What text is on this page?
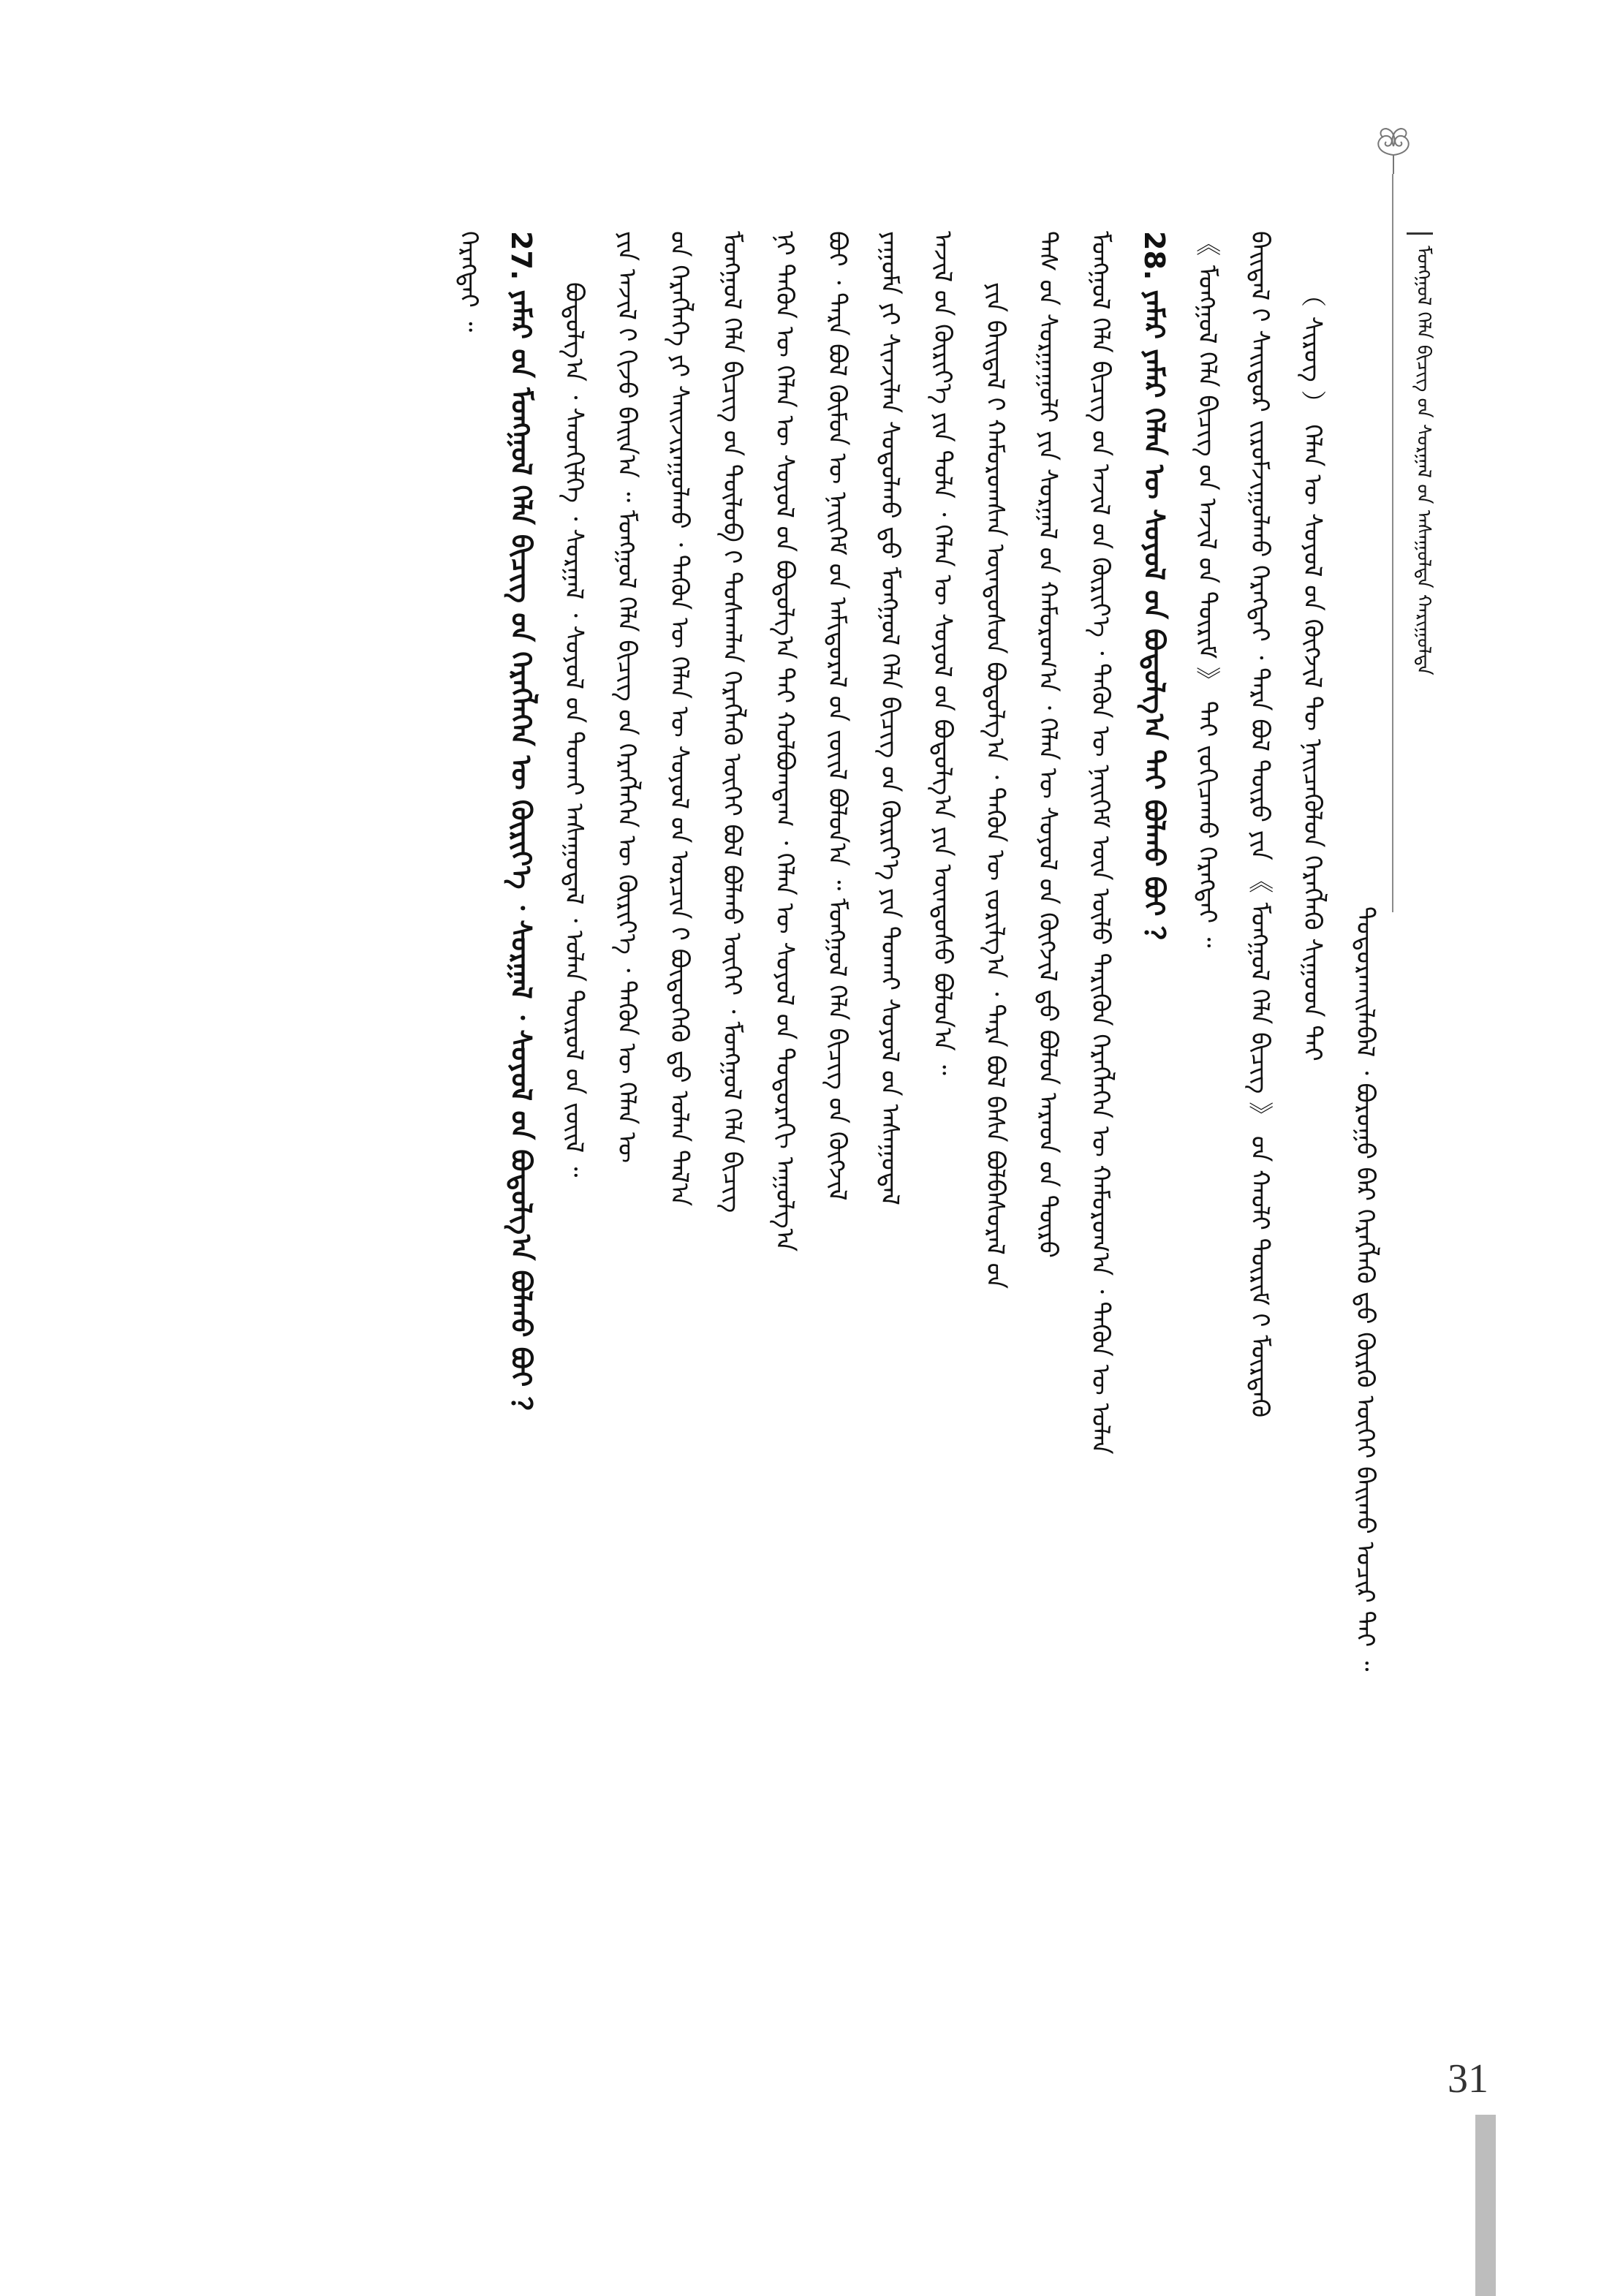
ᠮᠣᠩᠭᠣᠯ ᠬᠡᠯᠡ ᠪᠢᠴᠢᠭ᠌ ᠤ᠋ᠨ ᠰᠤᠷᠭᠠᠯ ᠤ᠋ᠨ ᠠᠰᠠᠭᠤᠯᠲᠠ ᠬᠠᠷᠢᠭᠤᠯᠲᠠ
ᠲᠣᠳᠣᠷᠬᠠᠢᠯᠠᠪᠠᠯ ᠂ ᠪᠤᠷᠤᠭᠤ ᠪᠠᠷ ᠬᠡᠷᠡᠭᠯᠡᠬᠦ ᠳ᠋ᠤ᠌ ᠬᠦᠷᠬᠦ ᠦᠭᠡᠢ ᠪᠠᠢᠬᠤ ᠤᠴᠢᠷ ᠲᠠᠢ ᠃
（ ᠰᠢᠷᠦᠭ ） ᠬᠡᠯᠡᠨ ᠦ ᠰᠣᠶᠣᠯ ᠤ᠋ᠨ ᠬᠥᠭᠵᠢᠯ ᠲᠦ ᠨᠡᠢᠴᠡᠭᠦᠯᠦᠨ ᠬᠡᠷᠡᠭᠯᠡᠬᠦ ᠰᠢᠭ᠋ᠤᠳ ᠲᠠᠢ
ᠪᠠᠢᠳᠠᠯ ᠢ᠋ ᠰᠠᠢᠲᠤᠷ ᠵᠢᠷᠤᠮᠵᠢᠭᠤᠯᠬᠤ ᠬᠡᠷᠡᠭᠲᠡᠢ ᠂ ᠲᠡᠷᠡ ᠪᠣᠯ ᠲᠦᠷᠦ ᠶᠢᠨ 《 ᠮᠣᠩᠭᠣᠯ ᠬᠡᠯᠡ ᠪᠢᠴᠢᠭ᠌ 》 ᠤ᠋ᠨ ᠬᠠᠤᠯᠢ ᠳᠦᠷᠢᠮ ᠢ᠋ ᠮᠥᠷᠳᠡᠬᠦ
《 ᠮᠣᠩᠭᠣᠯ ᠬᠡᠯᠡ ᠪᠢᠴᠢᠭ᠌ ᠤ᠋ᠨ ᠠᠵᠢᠯ ᠤ᠋ᠨ ᠳᠦᠷᠢᠮ 》 ᠲᠡᠢ ᠵᠣᠬᠢᠴᠠᠬᠤ ᠬᠡᠷᠡᠭᠲᠡᠢ ᠃
28. ᠶᠠᠮᠠᠷ ᠶᠠᠮᠠᠷ ᠬᠡᠯᠡᠨ ᠦ ᠰᠣᠶᠣᠯ ᠤ᠋ᠨ ᠪᠣᠳᠣᠯᠭ᠎ᠠ ᠲᠠᠢ ᠪᠣᠯᠬᠤ ᠪᠤᠢ ？
ᠮᠣᠩᠭᠣᠯ ᠬᠡᠯᠡ ᠪᠢᠴᠢᠭ᠌ ᠤ᠋ᠨ ᠠᠵᠢᠯ ᠤ᠋ᠨ ᠬᠦᠷᠢᠶ᠎ᠡ ᠂ ᠲᠡᠭᠦᠨ ᠦ ᠨᠡᠢᠭᠡᠮ ᠦᠨ ᠦᠯᠦ ᠳᠡᠷᠢᠭᠦᠨ ᠬᠡᠷᠡᠭᠯᠡᠭᠡᠨ ᠦ ᠬᠠᠮᠤᠷᠤᠭ᠎ᠠ ᠂ ᠲᠡᠭᠦᠨ ᠦ ᠣᠯᠠᠨ
ᠳᠡᠰ ᠦ᠋ᠨ ᠰᠤᠷᠭᠠᠭᠤᠯᠢ ᠶᠢᠨ ᠰᠤᠷᠭᠠᠯ ᠤ᠋ᠨ ᠬᠠᠮᠤᠷᠤᠭ᠎ᠠ ᠂ ᠬᠡᠯᠡᠨ ᠦ ᠰᠣᠶᠣᠯ ᠤ᠋ᠨ ᠬᠥᠭᠵᠢᠯ ᠳ᠋ᠤ᠌ ᠪᠣᠯᠤᠨ ᠠᠷᠠᠳ ᠤ᠋ᠨ ᠲᠥᠷᠦ
ᠶᠢᠨ ᠪᠠᠢᠳᠠᠯ ᠢ᠋ ᠬᠠᠮᠤᠷᠤᠭᠰᠠᠨ ᠦᠨᠳᠦᠰᠦᠨ ᠪᠣᠳᠣᠯᠭ᠎ᠠ ᠂ ᠲᠡᠬᠦᠨ ᠦ ᠵᠣᠷᠢᠯᠭ᠎ᠠ ᠂ ᠲᠡᠷᠡ ᠪᠣᠯ ᠪᠠᠰᠠ ᠪᠣᠯᠪᠠᠰᠤᠷᠠᠯ ᠤ᠋ᠨ
ᠠᠵᠢᠯ ᠤ᠋ᠨ ᠬᠦᠷᠢᠶ᠎ᠡ ᠶᠢᠨ ᠲᠤᠯᠠ ᠂ ᠬᠡᠯᠡᠨ ᠦ ᠰᠣᠶᠣᠯ ᠤ᠋ᠨ ᠪᠣᠳᠣᠯᠭ᠎ᠠ ᠶᠢᠨ ᠦᠨᠳᠦᠰᠦ ᠪᠣᠯᠤᠨ᠎ᠠ ᠃
ᠶᠠᠭᠤᠮᠠ ᠶᠢ ᠰᠢᠨᠵᠢᠯᠡᠨ ᠰᠤᠳᠤᠯᠬᠤ ᠳ᠋ᠤ᠌ ᠮᠣᠩᠭᠣᠯ ᠬᠡᠯᠡ ᠪᠢᠴᠢᠭ᠌ ᠤ᠋ᠨ ᠬᠦᠷᠢᠶ᠎ᠡ ᠶᠢᠨ ᠲᠤᠬᠠᠢ ᠰᠣᠶᠣᠯ ᠤ᠋ᠨ ᠠᠰᠠᠭᠤᠳᠠᠯ
ᠪᠤᠢ ᠂ ᠲᠡᠷᠡ ᠪᠣᠯ ᠬᠦᠮᠦᠨ ᠦ ᠨᠡᠢᠭᠡᠮ ᠦ᠋ᠨ ᠠᠮᠢᠳᠤᠷᠠᠯ ᠤ᠋ᠨ ᠵᠦᠢᠯ ᠪᠣᠯᠤᠨ᠎ᠠ ᠃ ᠮᠣᠩᠭᠣᠯ ᠬᠡᠯᠡ ᠪᠢᠴᠢᠭ᠌ ᠤ᠋ᠨ ᠬᠥᠭᠵᠢᠯ
ᠨᠢ ᠲᠡᠭᠦᠨ ᠦ ᠬᠡᠯᠡᠨ ᠦ ᠰᠣᠶᠣᠯ ᠤ᠋ᠨ ᠪᠣᠳᠣᠯᠭ᠎ᠠ ᠲᠠᠢ ᠬᠣᠯᠪᠣᠭᠳᠠᠭ ᠂ ᠬᠡᠯᠡᠨ ᠦ ᠰᠣᠶᠣᠯ ᠤ᠋ᠨ ᠳᠣᠲᠣᠷᠠᠬᠢ ᠠᠭᠤᠯᠭ᠎ᠠ
ᠮᠣᠩᠭᠣᠯ ᠬᠡᠯᠡ ᠪᠢᠴᠢᠭ᠌ ᠤ᠋ᠨ ᠲᠥᠯᠦᠪ ᠢ᠋ ᠲᠤᠰᠬᠠᠯᠠᠨ ᠬᠡᠷᠡᠭᠯᠡᠬᠦ ᠦᠭᠡᠢ ᠪᠣᠯ ᠪᠣᠯᠬᠤ ᠦᠭᠡᠢ ᠂ ᠮᠣᠩᠭᠣᠯ ᠬᠡᠯᠡ ᠪᠢᠴᠢᠭ᠌
ᠤ᠋ᠨ ᠬᠡᠷᠡᠭᠯᠡᠭᠡ ᠶᠢ ᠰᠠᠢᠵᠢᠷᠠᠭᠤᠯᠬᠤ ᠂ ᠲᠡᠭᠦᠨ ᠦ ᠬᠡᠯᠡᠨ ᠦ ᠰᠣᠶᠣᠯ ᠤ᠋ᠨ ᠣᠷᠴᠢᠨ ᠢ᠋ ᠪᠦᠲᠦᠭᠡᠬᠦ ᠳ᠋ᠤ᠌ ᠣᠯᠠᠨ ᠲᠠᠯ᠎ᠠ
ᠶᠢᠨ ᠠᠵᠢᠯ ᠢ᠋ ᠬᠢᠵᠦ ᠪᠠᠢᠨ᠎ᠠ ᠃ ᠮᠣᠩᠭᠣᠯ ᠬᠡᠯᠡ ᠪᠢᠴᠢᠭ᠌ ᠤ᠋ᠨ ᠬᠡᠷᠡᠭᠯᠡᠭᠡᠨ ᠦ ᠬᠦᠷᠢᠶ᠎ᠡ ᠂ ᠲᠡᠭᠦᠨ ᠦ ᠬᠡᠯᠡᠨ ᠦ
ᠪᠣᠳᠣᠯᠭ᠎ᠠ ᠂ ᠰᠡᠳᠬᠢᠯᠭᠡ ᠂ ᠰᠤᠷᠭᠠᠯ ᠂ ᠰᠣᠶᠣᠯ ᠤ᠋ᠨ ᠲᠤᠬᠠᠢ ᠠᠰᠠᠭᠤᠳᠠᠯ ᠂ ᠣᠯᠠᠨ ᠲᠥᠷᠦᠯ ᠦ᠋ᠨ ᠵᠦᠢᠯ ᠃
27. ᠶᠠᠮᠠᠷ ᠤ᠋ᠨ ᠮᠣᠩᠭᠣᠯ ᠬᠡᠯᠡ ᠪᠢᠴᠢᠭ᠌ ᠤ᠋ᠨ ᠬᠡᠷᠡᠭᠯᠡᠭᠡᠨ ᠦ ᠬᠦᠷᠢᠶ᠎ᠡ ᠂ ᠰᠤᠷᠭᠠᠯ ᠂ ᠰᠣᠶᠣᠯ ᠤ᠋ᠨ ᠪᠣᠳᠣᠯᠭ᠎ᠠ ᠪᠣᠯᠬᠤ ᠪᠤᠢ ？
ᠬᠡᠷᠡᠭᠲᠡᠢ ᠃
31
